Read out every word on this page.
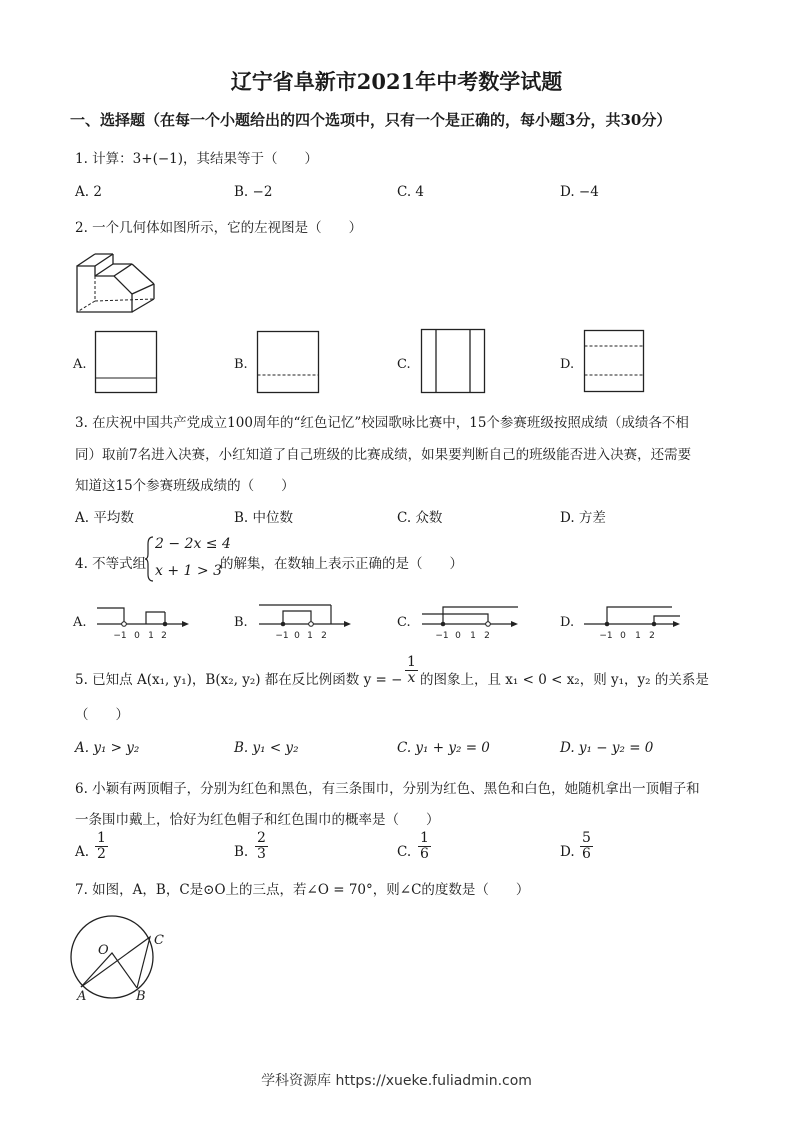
辽宁省阜新市2021年中考数学试题
一、选择题（在每一个小题给出的四个选项中，只有一个是正确的，每小题3分，共30分）
1. 计算：3+(−1)，其结果等于（　　）
A. 2	B. −2	C. 4	D. −4
2. 一个几何体如图所示，它的左视图是（　　）
A.	B.	C.	D.
3. 在庆祝中国共产党成立100周年的“红色记忆”校园歌咏比赛中，15个参赛班级按照成绩（成绩各不相
同）取前7名进入决赛，小红知道了自己班级的比赛成绩，如果要判断自己的班级能否进入决赛，还需要
知道这15个参赛班级成绩的（　　）
A. 平均数	B. 中位数	C. 众数	D. 方差
4. 不等式组
2 − 2x ≤ 4
x + 1 > 3
的解集，在数轴上表示正确的是（　　）
A.
−1 0 1 2
B.
−1 0 1 2
C.
−1 0 1 2
D.
−1 0 1 2
5. 已知点 A(x₁, y₁)，B(x₂, y₂) 都在反比例函数 y = − $\frac{1}{x}$ 的图象上，且 x₁ < 0 < x₂，则 y₁，y₂ 的关系是
（　　）
A. y₁ > y₂	B. y₁ < y₂	C. y₁ + y₂ = 0	D. y₁ − y₂ = 0
6. 小颖有两顶帽子，分别为红色和黑色，有三条围巾，分别为红色、黑色和白色，她随机拿出一顶帽子和
一条围巾戴上，恰好为红色帽子和红色围巾的概率是（　　）
A. $\frac{1}{2}$	B. $\frac{2}{3}$	C. $\frac{1}{6}$	D. $\frac{5}{6}$
7. 如图，A，B，C是⊙O上的三点，若∠O = 70°，则∠C的度数是（　　）
O
C
A	B
学科资源库 https://xueke.fuliadmin.com
